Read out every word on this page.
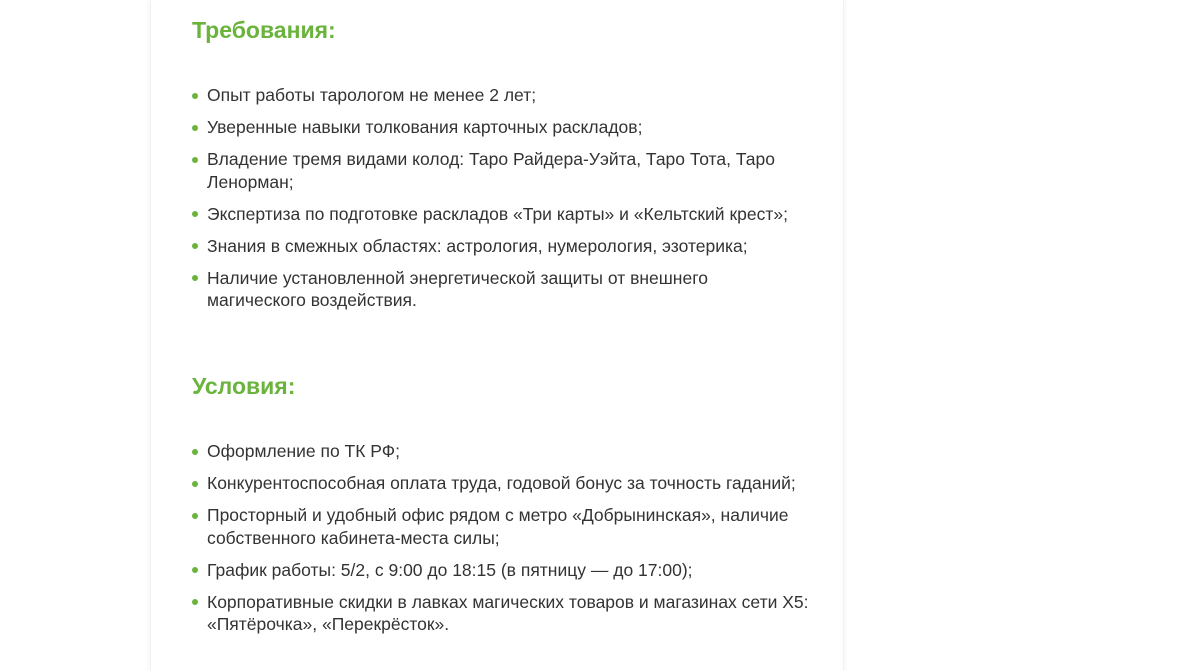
Требования:
Опыт работы тарологом не менее 2 лет;
Уверенные навыки толкования карточных раскладов;
Владение тремя видами колод: Таро Райдера-Уэйта, Таро Тота, Таро Ленорман;
Экспертиза по подготовке раскладов «Три карты» и «Кельтский крест»;
Знания в смежных областях: астрология, нумерология, эзотерика;
Наличие установленной энергетической защиты от внешнего магического воздействия.
Условия:
Оформление по ТК РФ;
Конкурентоспособная оплата труда, годовой бонус за точность гаданий;
Просторный и удобный офис рядом с метро «Добрынинская», наличие собственного кабинета-места силы;
График работы: 5/2, с 9:00 до 18:15 (в пятницу — до 17:00);
Корпоративные скидки в лавках магических товаров и магазинах сети X5: «Пятёрочка», «Перекрёсток».
